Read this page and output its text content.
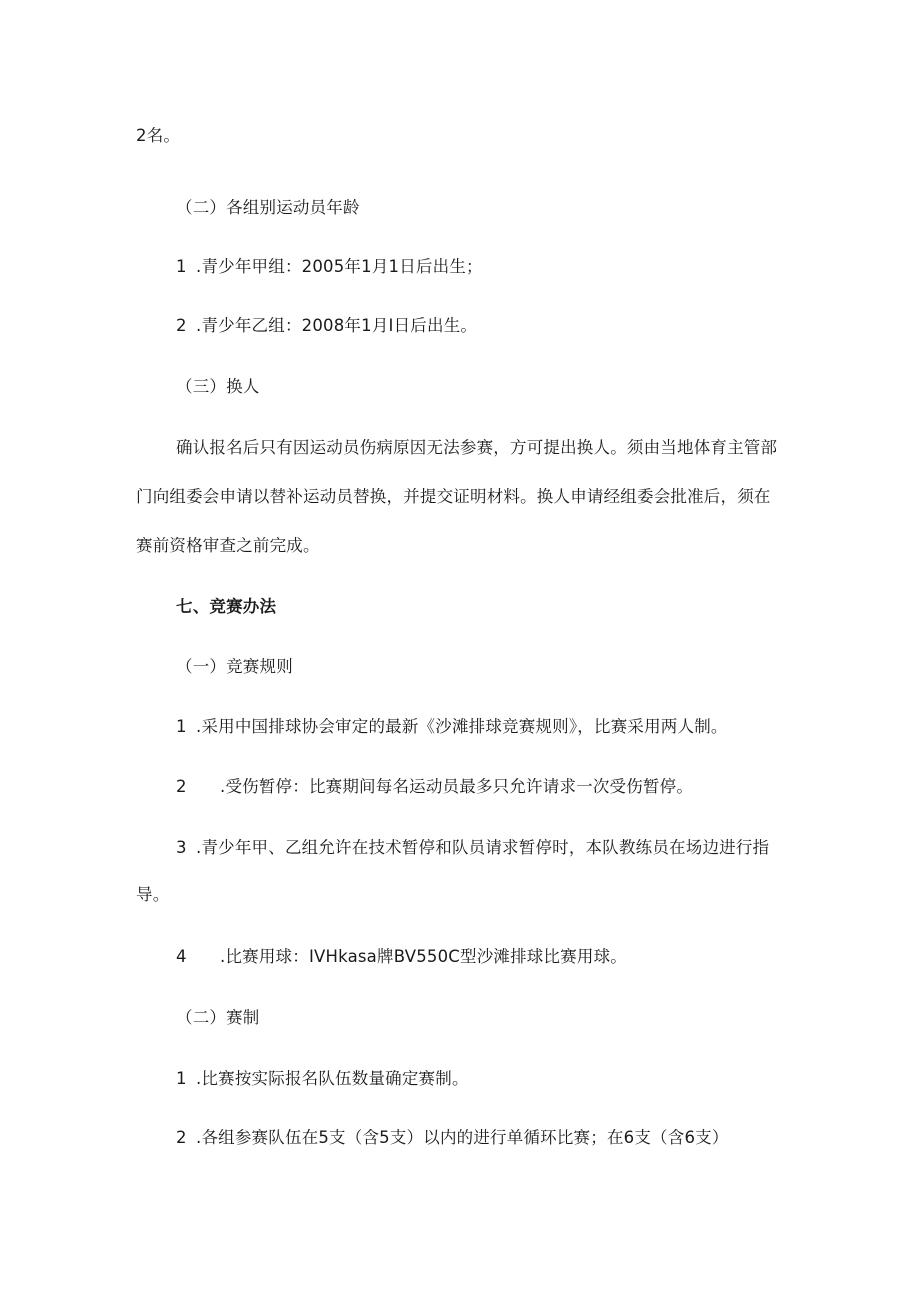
2名。
（二）各组别运动员年龄
1 .青少年甲组：2005年1月1日后出生；
2 .青少年乙组：2008年1月I日后出生。
（三）换人
确认报名后只有因运动员伤病原因无法参赛，方可提出换人。须由当地体育主管部
门向组委会申请以替补运动员替换，并提交证明材料。换人申请经组委会批准后，须在
赛前资格审查之前完成。
七、竞赛办法
（一）竞赛规则
1 .采用中国排球协会审定的最新《沙滩排球竞赛规则》，比赛采用两人制。
2 .受伤暂停：比赛期间每名运动员最多只允许请求一次受伤暂停。
3 .青少年甲、乙组允许在技术暂停和队员请求暂停时，本队教练员在场边进行指
导。
4 .比赛用球：IVHkasa牌BV550C型沙滩排球比赛用球。
（二）赛制
1 .比赛按实际报名队伍数量确定赛制。
2 .各组参赛队伍在5支（含5支）以内的进行单循环比赛；在6支（含6支）
